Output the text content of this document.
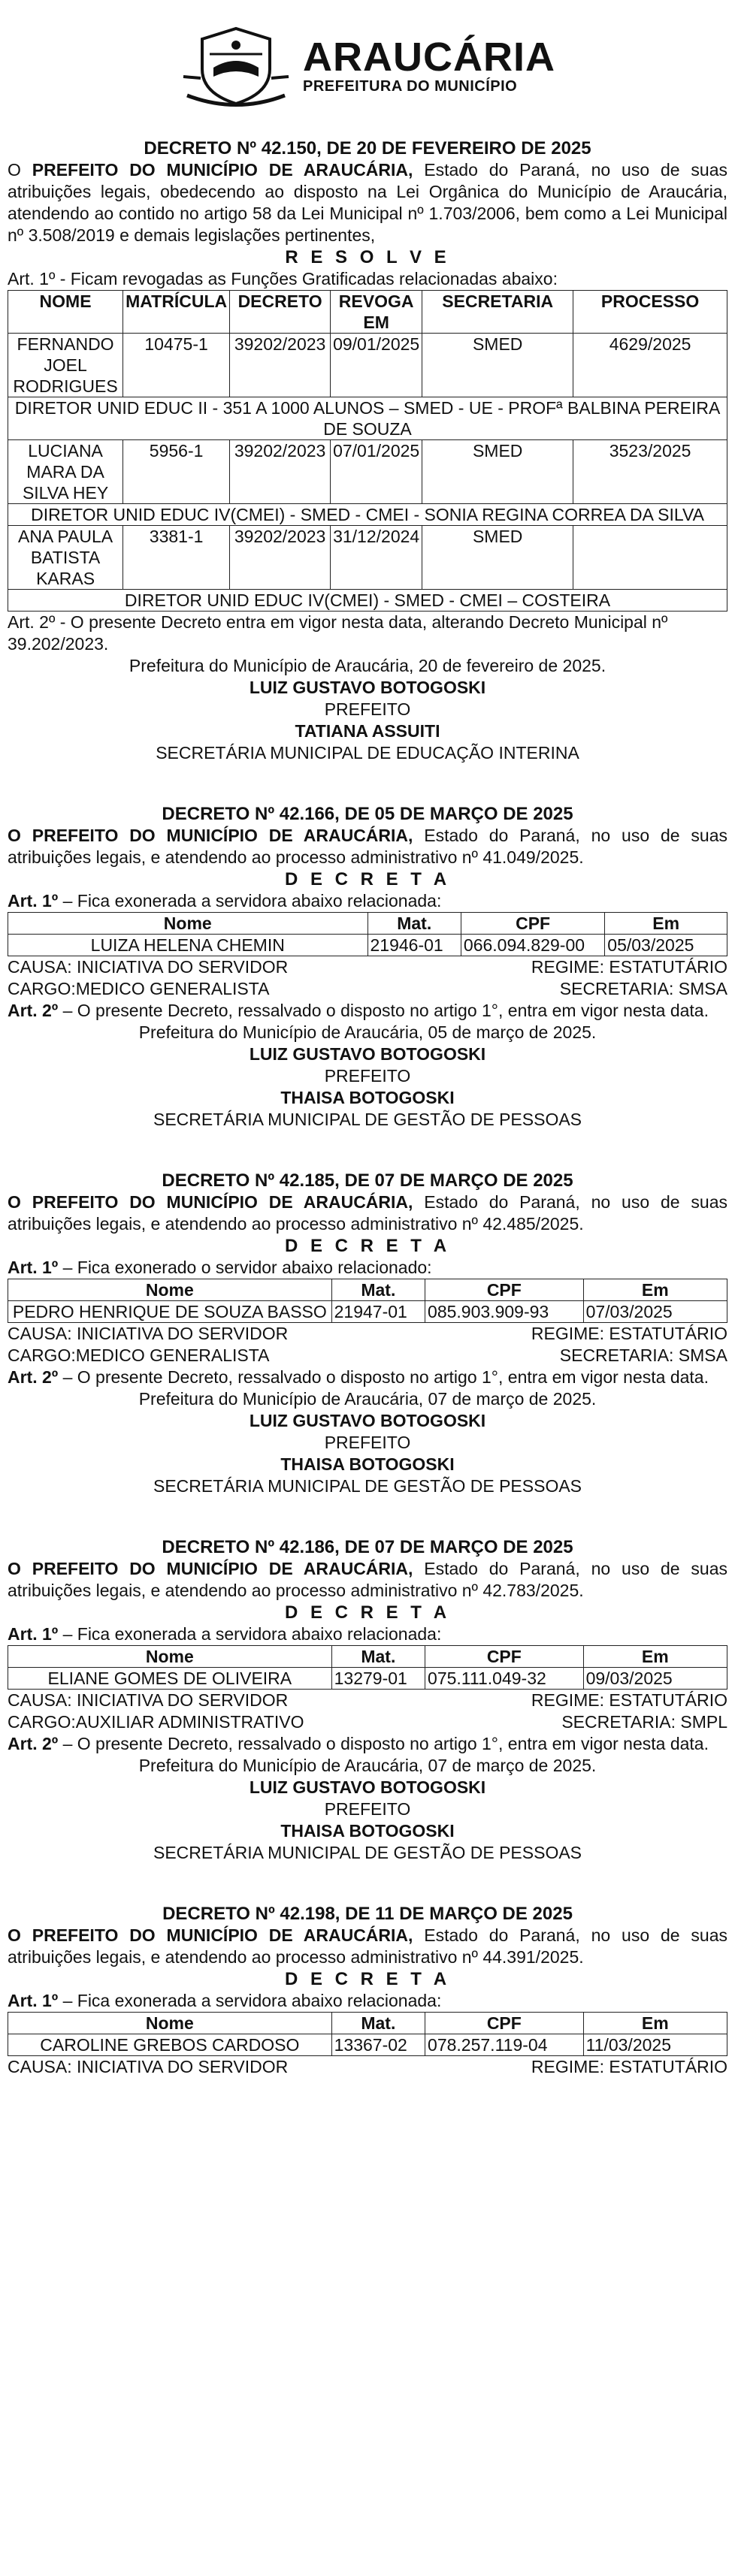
ARAUCÁRIA
PREFEITURA DO MUNICÍPIO
DECRETO Nº 42.150, DE 20 DE FEVEREIRO DE 2025
O PREFEITO DO MUNICÍPIO DE ARAUCÁRIA, Estado do Paraná, no uso de suas atribuições legais, obedecendo ao disposto na Lei Orgânica do Município de Araucária, atendendo ao contido no artigo 58 da Lei Municipal nº 1.703/2006, bem como a Lei Municipal nº 3.508/2019 e demais legislações pertinentes,
R E S O L V E
Art. 1º - Ficam revogadas as Funções Gratificadas relacionadas abaixo:
NOME	MATRÍCULA	DECRETO	REVOGA EM	SECRETARIA	PROCESSO
FERNANDO JOEL RODRIGUES	10475-1	39202/2023	09/01/2025	SMED	4629/2025
DIRETOR UNID EDUC II - 351 A 1000 ALUNOS – SMED - UE - PROFª BALBINA PEREIRA DE SOUZA					
LUCIANA MARA DA SILVA HEY	5956-1	39202/2023	07/01/2025	SMED	3523/2025
DIRETOR UNID EDUC IV(CMEI) - SMED - CMEI - SONIA REGINA CORREA DA SILVA					
ANA PAULA BATISTA KARAS	3381-1	39202/2023	31/12/2024	SMED	
DIRETOR UNID EDUC IV(CMEI) - SMED - CMEI – COSTEIRA					
Art. 2º - O presente Decreto entra em vigor nesta data, alterando Decreto Municipal nº 39.202/2023.
Prefeitura do Município de Araucária, 20 de fevereiro de 2025.
LUIZ GUSTAVO BOTOGOSKI
PREFEITO
TATIANA ASSUITI
SECRETÁRIA MUNICIPAL DE EDUCAÇÃO INTERINA
DECRETO Nº 42.166, DE 05 DE MARÇO DE 2025
O PREFEITO DO MUNICÍPIO DE ARAUCÁRIA, Estado do Paraná, no uso de suas atribuições legais, e atendendo ao processo administrativo nº 41.049/2025.
D E C R E T A
Art. 1º – Fica exonerada a servidora abaixo relacionada:
Nome	Mat.	CPF	Em
LUIZA HELENA CHEMIN	21946-01	066.094.829-00	05/03/2025
CAUSA: INICIATIVA DO SERVIDOR	REGIME: ESTATUTÁRIO
CARGO:MEDICO GENERALISTA	SECRETARIA: SMSA
Art. 2º – O presente Decreto, ressalvado o disposto no artigo 1°, entra em vigor nesta data.
Prefeitura do Município de Araucária, 05 de março de 2025.
LUIZ GUSTAVO BOTOGOSKI
PREFEITO
THAISA BOTOGOSKI
SECRETÁRIA MUNICIPAL DE GESTÃO DE PESSOAS
DECRETO Nº 42.185, DE 07 DE MARÇO DE 2025
O PREFEITO DO MUNICÍPIO DE ARAUCÁRIA, Estado do Paraná, no uso de suas atribuições legais, e atendendo ao processo administrativo nº 42.485/2025.
D E C R E T A
Art. 1º – Fica exonerado o servidor abaixo relacionado:
Nome	Mat.	CPF	Em
PEDRO HENRIQUE DE SOUZA BASSO	21947-01	085.903.909-93	07/03/2025
CAUSA: INICIATIVA DO SERVIDOR	REGIME: ESTATUTÁRIO
CARGO:MEDICO GENERALISTA	SECRETARIA: SMSA
Art. 2º – O presente Decreto, ressalvado o disposto no artigo 1°, entra em vigor nesta data.
Prefeitura do Município de Araucária, 07 de março de 2025.
LUIZ GUSTAVO BOTOGOSKI
PREFEITO
THAISA BOTOGOSKI
SECRETÁRIA MUNICIPAL DE GESTÃO DE PESSOAS
DECRETO Nº 42.186, DE 07 DE MARÇO DE 2025
O PREFEITO DO MUNICÍPIO DE ARAUCÁRIA, Estado do Paraná, no uso de suas atribuições legais, e atendendo ao processo administrativo nº 42.783/2025.
D E C R E T A
Art. 1º – Fica exonerada a servidora abaixo relacionada:
Nome	Mat.	CPF	Em
ELIANE GOMES DE OLIVEIRA	13279-01	075.111.049-32	09/03/2025
CAUSA: INICIATIVA DO SERVIDOR	REGIME: ESTATUTÁRIO
CARGO:AUXILIAR ADMINISTRATIVO	SECRETARIA: SMPL
Art. 2º – O presente Decreto, ressalvado o disposto no artigo 1°, entra em vigor nesta data.
Prefeitura do Município de Araucária, 07 de março de 2025.
LUIZ GUSTAVO BOTOGOSKI
PREFEITO
THAISA BOTOGOSKI
SECRETÁRIA MUNICIPAL DE GESTÃO DE PESSOAS
DECRETO Nº 42.198, DE 11 DE MARÇO DE 2025
O PREFEITO DO MUNICÍPIO DE ARAUCÁRIA, Estado do Paraná, no uso de suas atribuições legais, e atendendo ao processo administrativo nº 44.391/2025.
D E C R E T A
Art. 1º – Fica exonerada a servidora abaixo relacionada:
Nome	Mat.	CPF	Em
CAROLINE GREBOS CARDOSO	13367-02	078.257.119-04	11/03/2025
CAUSA: INICIATIVA DO SERVIDOR	REGIME: ESTATUTÁRIO
